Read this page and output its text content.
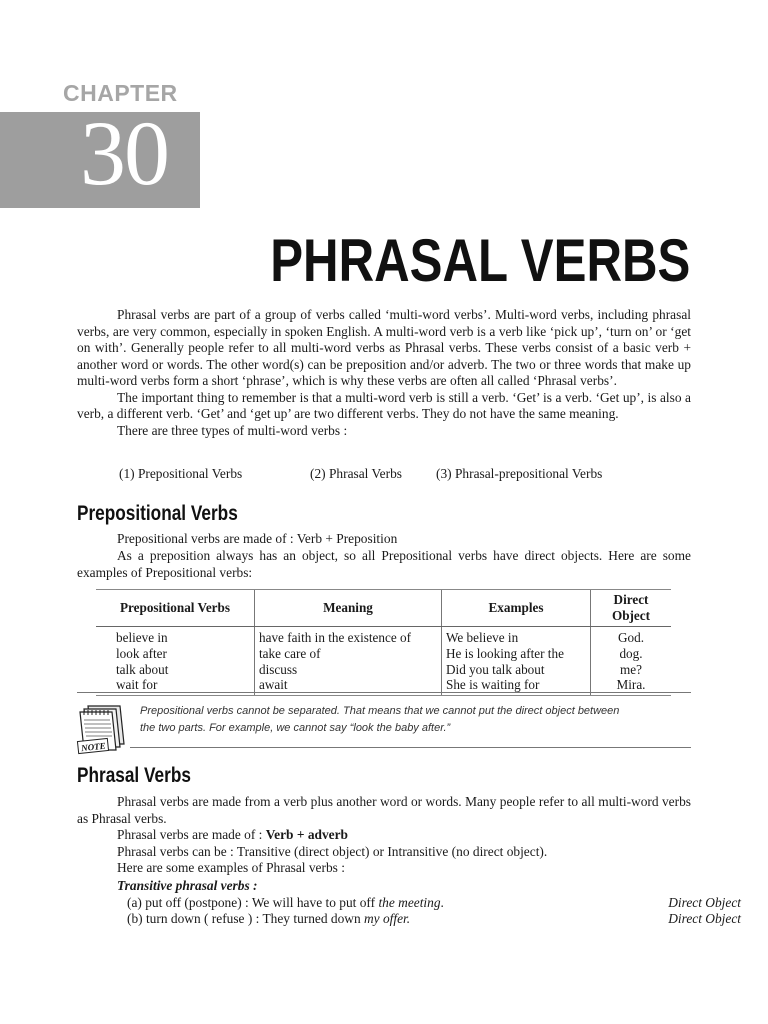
CHAPTER
30
PHRASAL VERBS

Phrasal verbs are part of a group of verbs called ‘multi-word verbs’. Multi-word verbs, including phrasal verbs, are very common, especially in spoken English. A multi-word verb is a verb like ‘pick up’, ‘turn on’ or ‘get on with’. Generally people refer to all multi-word verbs as Phrasal verbs. These verbs consist of a basic verb + another word or words. The other word(s) can be preposition and/or adverb. The two or three words that make up multi-word verbs form a short ‘phrase’, which is why these verbs are often all called ‘Phrasal verbs’.

The important thing to remember is that a multi-word verb is still a verb. ‘Get’ is a verb. ‘Get up’, is also a verb, a different verb. ‘Get’ and ‘get up’ are two different verbs. They do not have the same meaning.

There are three types of multi-word verbs :

(1) Prepositional Verbs	(2) Phrasal Verbs	(3) Phrasal-prepositional Verbs
Prepositional Verbs
Prepositional verbs are made of : Verb + Preposition

As a preposition always has an object, so all Prepositional verbs have direct objects. Here are some examples of Prepositional verbs:

Prepositional Verbs	Meaning	Examples	Direct Object
believe in	have faith in the existence of	We believe in	God.
look after	take care of	He is looking after the	dog.
talk about	discuss	Did you talk about	me?
wait for	await	She is waiting for	Mira.
NOTE
Prepositional verbs cannot be separated. That means that we cannot put the direct object between
the two parts. For example, we cannot say “look the baby after.”
Phrasal Verbs

Phrasal verbs are made from a verb plus another word or words. Many people refer to all multi-word verbs as Phrasal verbs.

Phrasal verbs are made of : Verb + adverb
Phrasal verbs can be : Transitive (direct object) or Intransitive (no direct object).
Here are some examples of Phrasal verbs :
Transitive phrasal verbs :
(a) put off (postpone) : We will have to put off the meeting.	Direct Object
(b) turn down ( refuse ) : They turned down my offer.	Direct Object
